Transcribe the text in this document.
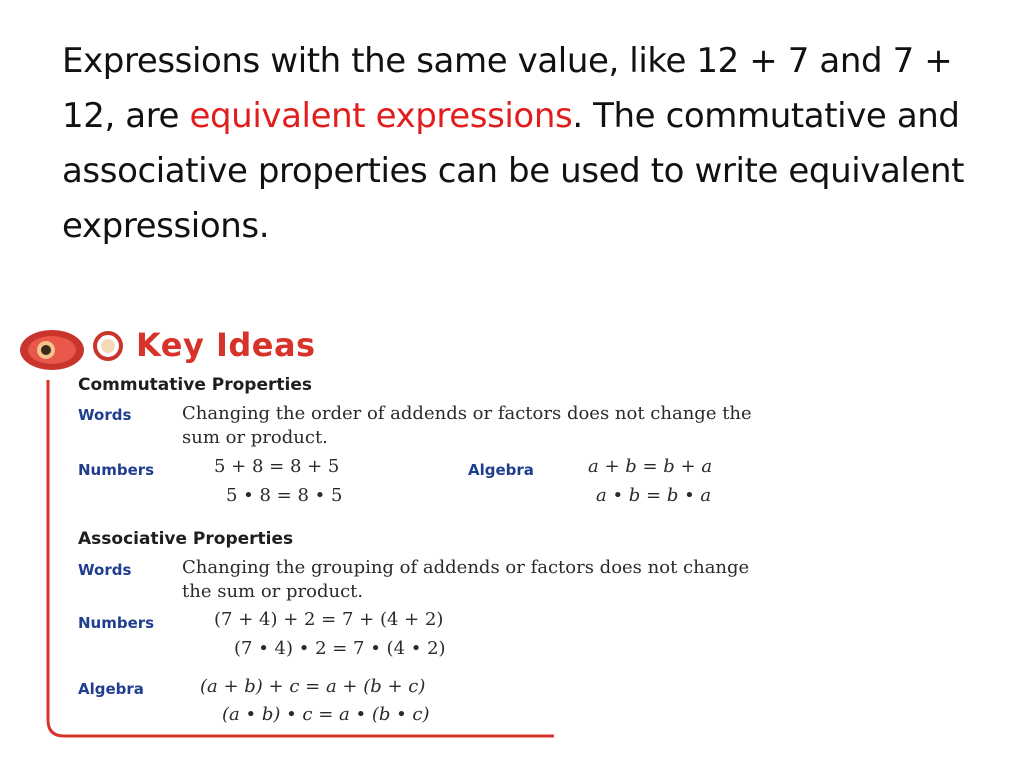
Expressions with the same value, like 12 + 7 and 7 + 12, are equivalent expressions. The commutative and associative properties can be used to write equivalent expressions.
Key Ideas
Commutative Properties
Words	Changing the order of addends or factors does not change the
sum or product.
Numbers	5 + 8 = 8 + 5
5 • 8 = 8 • 5
Algebra	a + b = b + a
a • b = b • a
Associative Properties
Words	Changing the grouping of addends or factors does not change
the sum or product.
Numbers	(7 + 4) + 2 = 7 + (4 + 2)
(7 • 4) • 2 = 7 • (4 • 2)
Algebra	(a + b) + c = a + (b + c)
(a • b) • c = a • (b • c)
